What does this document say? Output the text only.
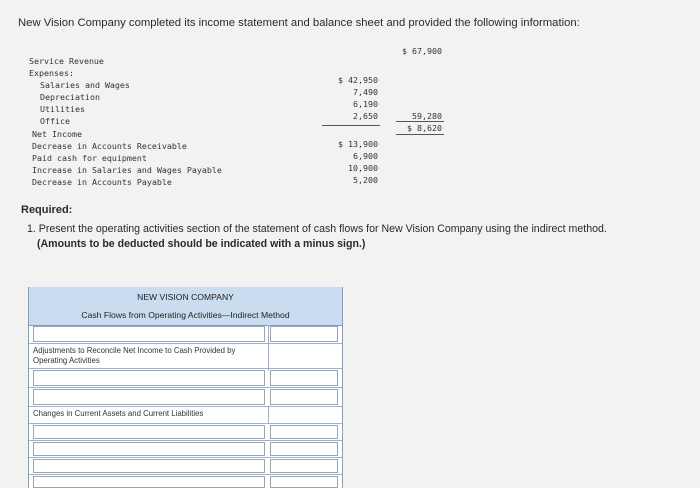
New Vision Company completed its income statement and balance sheet and provided the following information:
Service Revenue
$ 67,900
Expenses:
Salaries and Wages
Depreciation
Utilities
Office
$ 42,950
7,490
6,190
2,650	59,280
Net Income
$ 8,620
Decrease in Accounts Receivable
Paid cash for equipment
Increase in Salaries and Wages Payable
Decrease in Accounts Payable
$ 13,900
6,900
10,900
5,200
Required:
1. Present the operating activities section of the statement of cash flows for New Vision Company using the indirect method.
(Amounts to be deducted should be indicated with a minus sign.)
NEW VISION COMPANY
Cash Flows from Operating Activities—Indirect Method
Adjustments to Reconcile Net Income to Cash Provided by Operating Activities
Changes in Current Assets and Current Liabilities
